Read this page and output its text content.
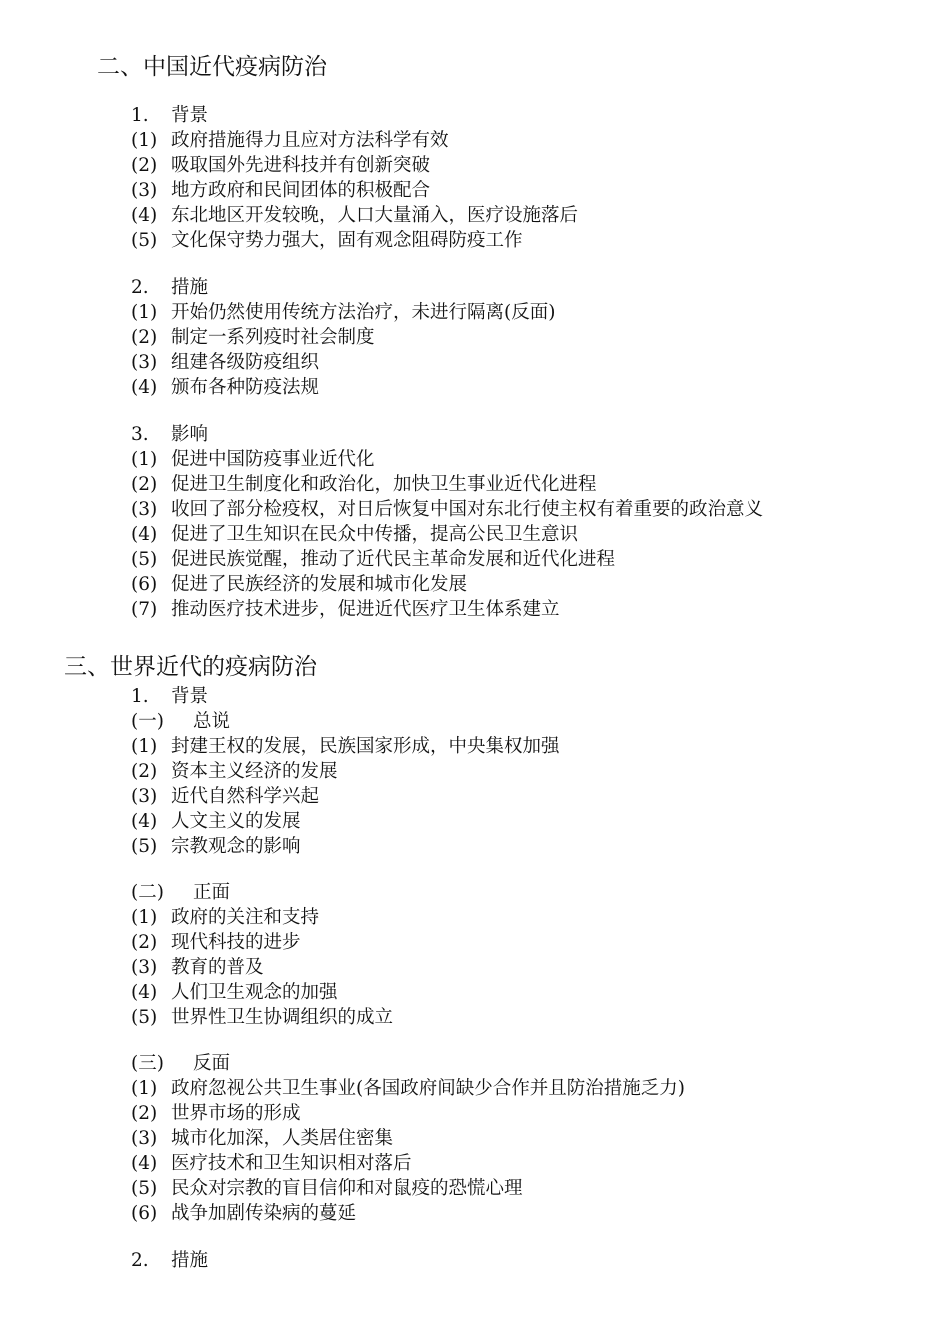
二、中国近代疫病防治
1. 背景
(1) 政府措施得力且应对方法科学有效
(2) 吸取国外先进科技并有创新突破
(3) 地方政府和民间团体的积极配合
(4) 东北地区开发较晚，人口大量涌入，医疗设施落后
(5) 文化保守势力强大，固有观念阻碍防疫工作
2. 措施
(1) 开始仍然使用传统方法治疗，未进行隔离(反面)
(2) 制定一系列疫时社会制度
(3) 组建各级防疫组织
(4) 颁布各种防疫法规
3. 影响
(1) 促进中国防疫事业近代化
(2) 促进卫生制度化和政治化，加快卫生事业近代化进程
(3) 收回了部分检疫权，对日后恢复中国对东北行使主权有着重要的政治意义
(4) 促进了卫生知识在民众中传播，提高公民卫生意识
(5) 促进民族觉醒，推动了近代民主革命发展和近代化进程
(6) 促进了民族经济的发展和城市化发展
(7) 推动医疗技术进步，促进近代医疗卫生体系建立
三、世界近代的疫病防治
1. 背景
(一) 总说
(1) 封建王权的发展，民族国家形成，中央集权加强
(2) 资本主义经济的发展
(3) 近代自然科学兴起
(4) 人文主义的发展
(5) 宗教观念的影响
(二) 正面
(1) 政府的关注和支持
(2) 现代科技的进步
(3) 教育的普及
(4) 人们卫生观念的加强
(5) 世界性卫生协调组织的成立
(三) 反面
(1) 政府忽视公共卫生事业(各国政府间缺少合作并且防治措施乏力)
(2) 世界市场的形成
(3) 城市化加深，人类居住密集
(4) 医疗技术和卫生知识相对落后
(5) 民众对宗教的盲目信仰和对鼠疫的恐慌心理
(6) 战争加剧传染病的蔓延
2. 措施
